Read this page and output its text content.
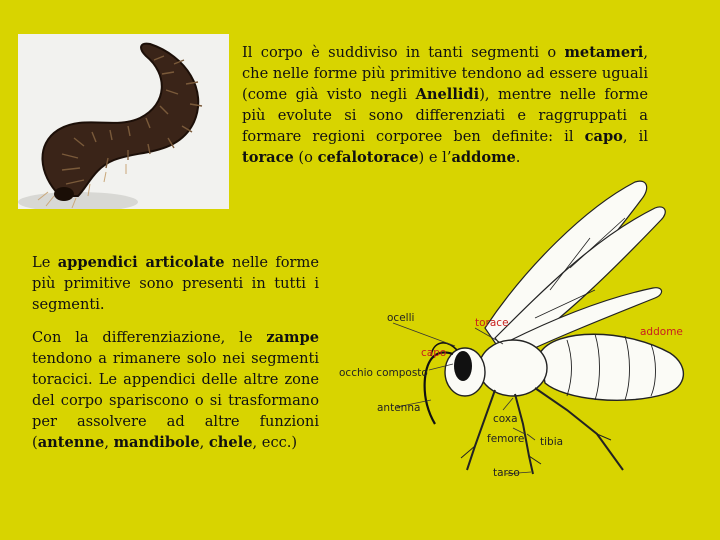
Il corpo è suddiviso in tanti segmenti o metameri, che nelle forme più primitive tendono ad essere uguali (come già visto negli Anellidi), mentre nelle forme più evolute si sono differenziati e raggruppati a formare regioni corporee ben definite: il capo, il torace (o cefalotorace) e l’addome.

Le appendici articolate nelle forme più primitive sono presenti in tutti i segmenti.

Con la differenziazione, le zampe tendono a rimanere solo nei segmenti toracici. Le appendici delle altre zone del corpo spariscono o si trasformano per assolvere ad altre funzioni (antenne, mandibole, chele, ecc.)

ocelli	torace
addome
capo
occhio composto
antenna
coxa
femore tibia
tarso
